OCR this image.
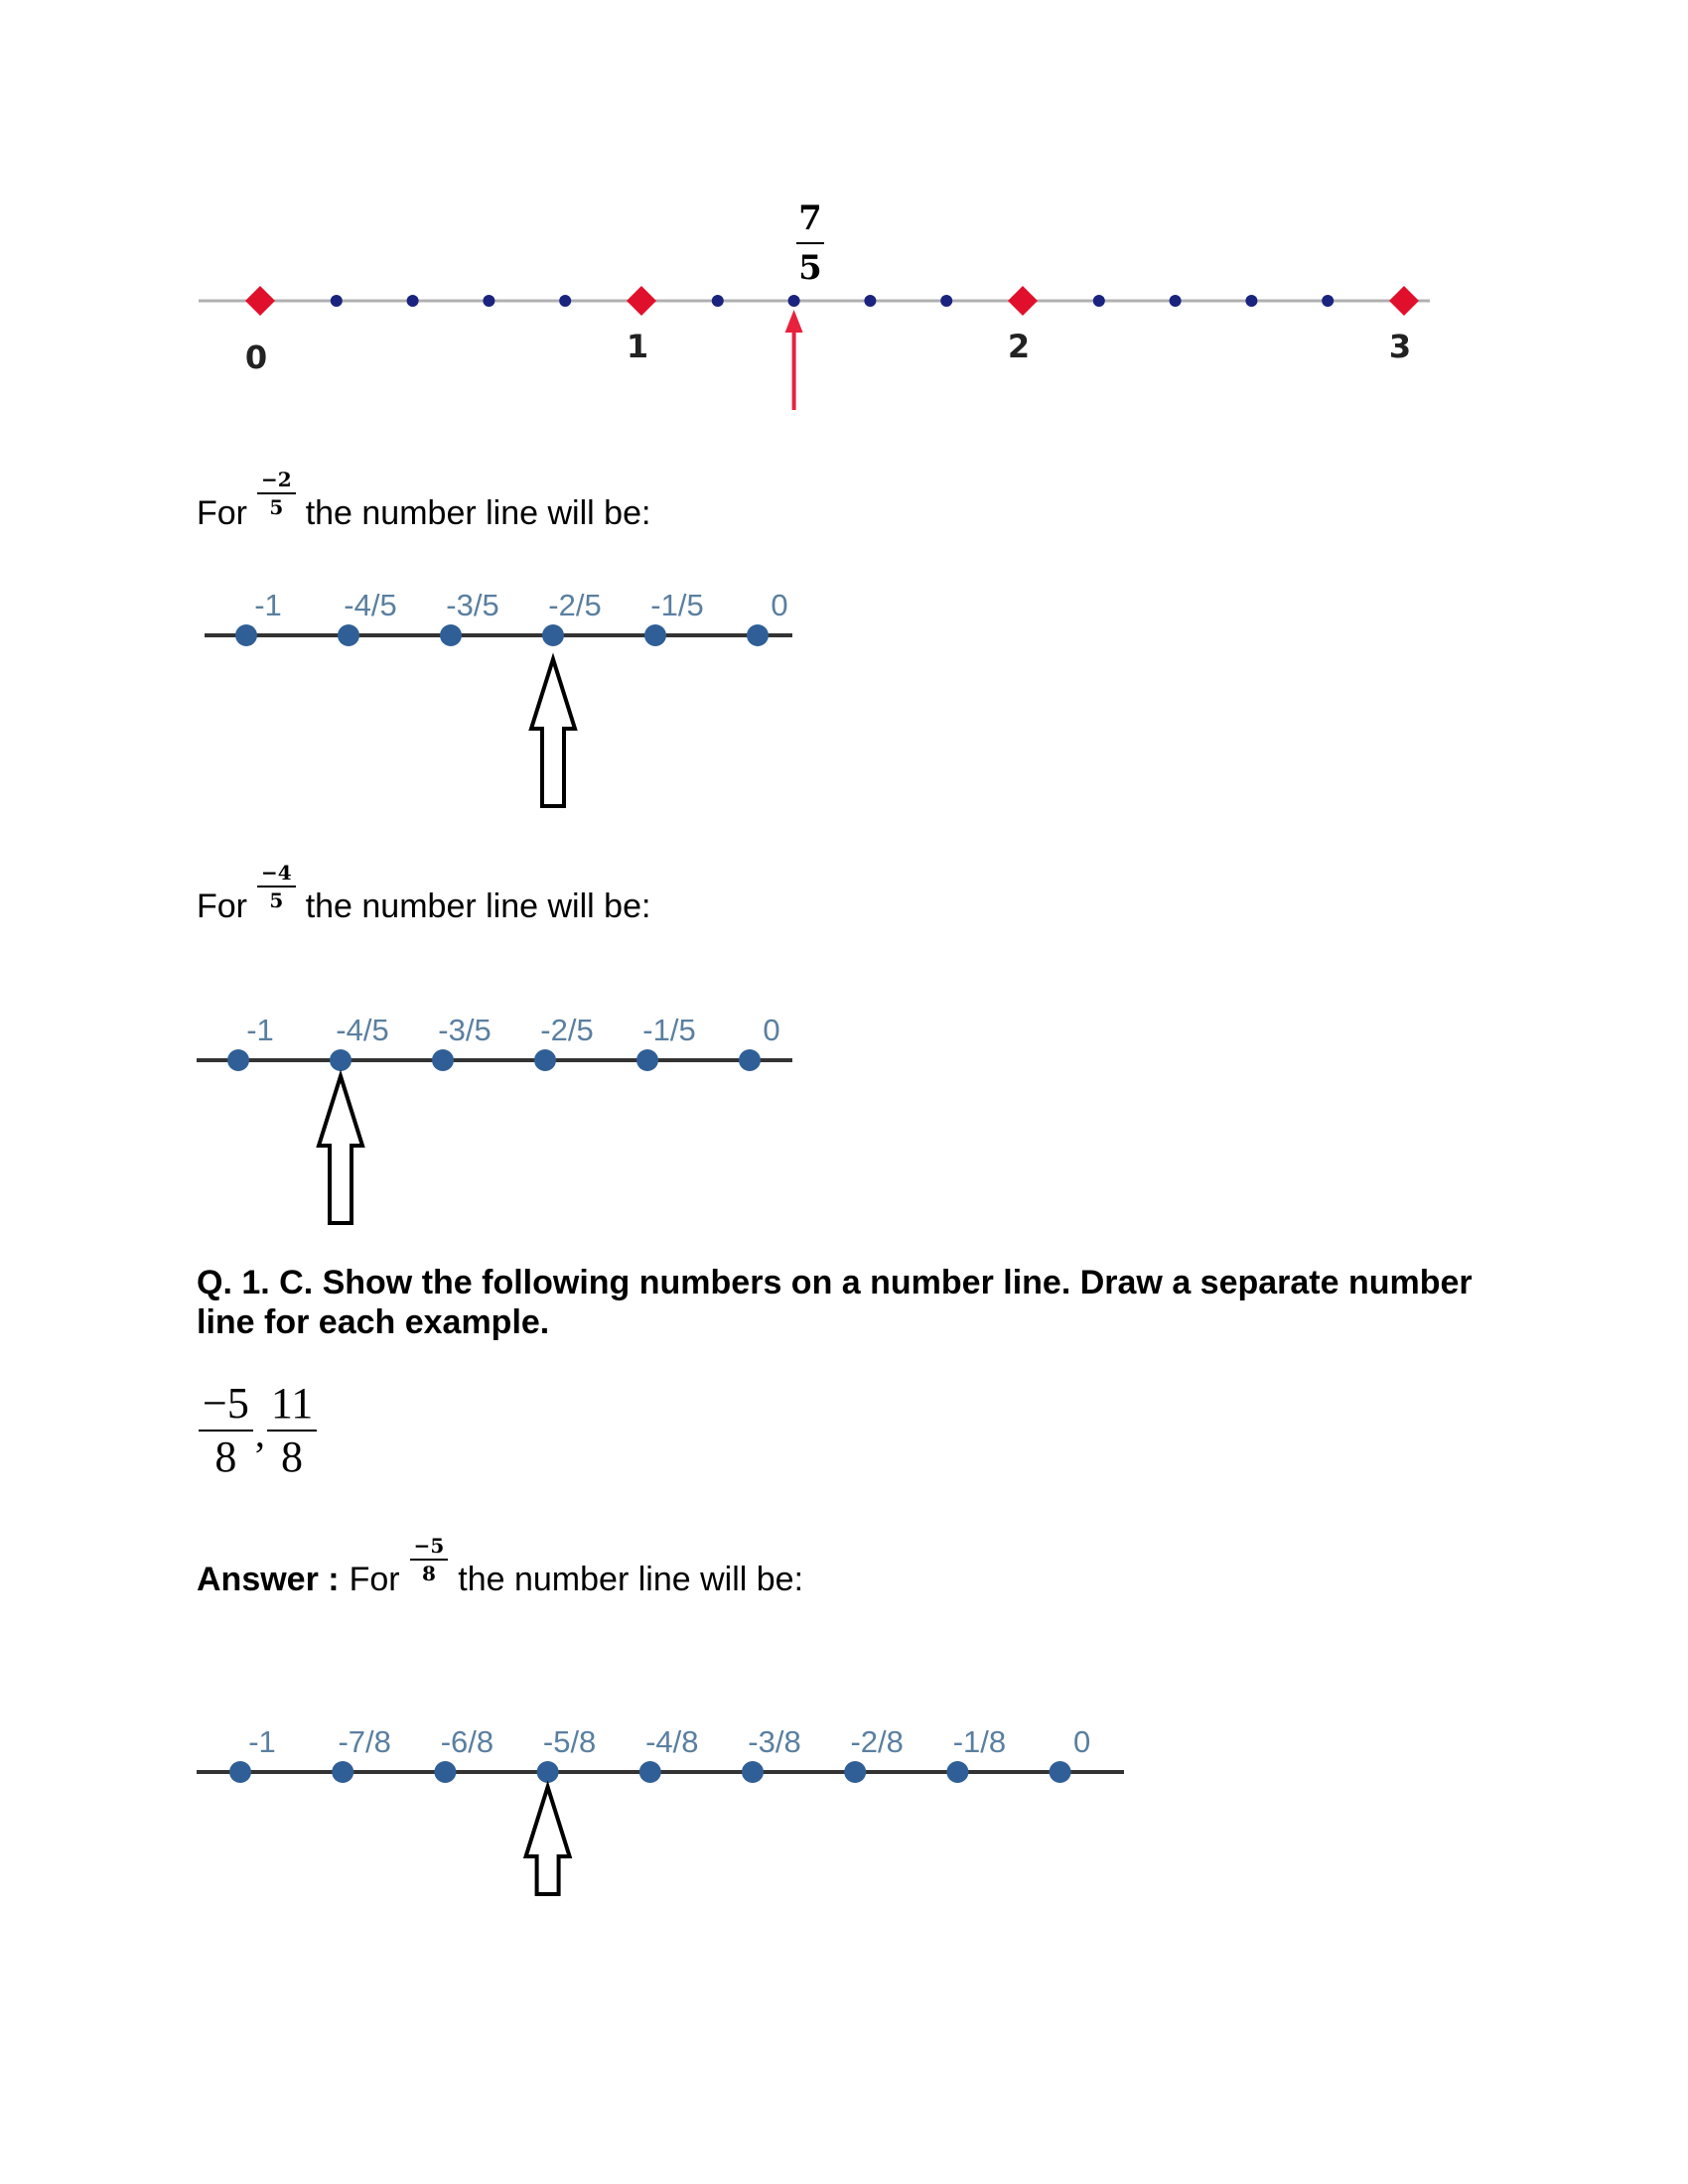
0	1	2	3
7
5
For $\frac{-2}{5}$ the number line will be:
-1 -4/5 -3/5 -2/5 -1/5 0
For $\frac{-4}{5}$ the number line will be:
-1 -4/5 -3/5 -2/5 -1/5 0
Q. 1. C. Show the following numbers on a number line. Draw a separate number line for each example.
$\frac{-5}{8}$ , $\frac{11}{8}$
Answer : For $\frac{-5}{8}$ the number line will be:
-1 -7/8 -6/8 -5/8 -4/8 -3/8 -2/8 -1/8 0
